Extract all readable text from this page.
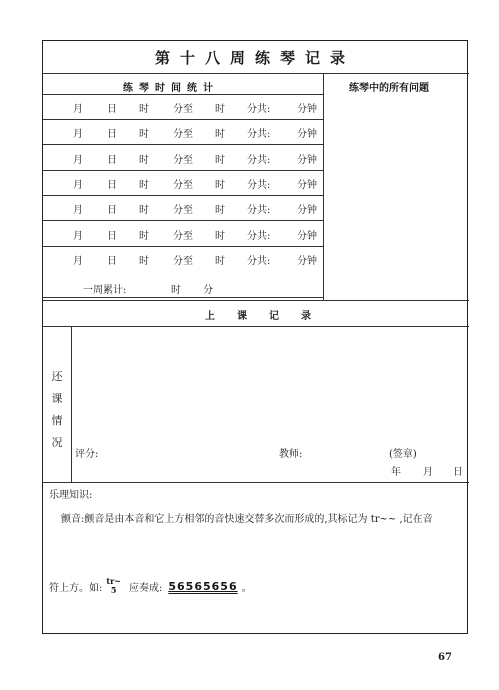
第十八周练琴记录
练琴时间统计	练琴中的所有问题
月 日 时 分至 时 分共:	分钟
月 日 时 分至 时 分共:	分钟
月 日 时 分至 时 分共:	分钟
月 日 时 分至 时 分共:	分钟
月 日 时 分至 时 分共:	分钟
月 日 时 分至 时 分共:	分钟
月 日 时 分至 时 分共:	分钟
一周累计:	时 分
上课记录
还
课
情
况
评分:	教师:	(签章)
年 月 日
乐理知识:
颤音:颤音是由本音和它上方相邻的音快速交替多次而形成的,其标记为 tr~~ ,记在音
符上方。如:
tr~
5 应奏成: 56565656 。
67
